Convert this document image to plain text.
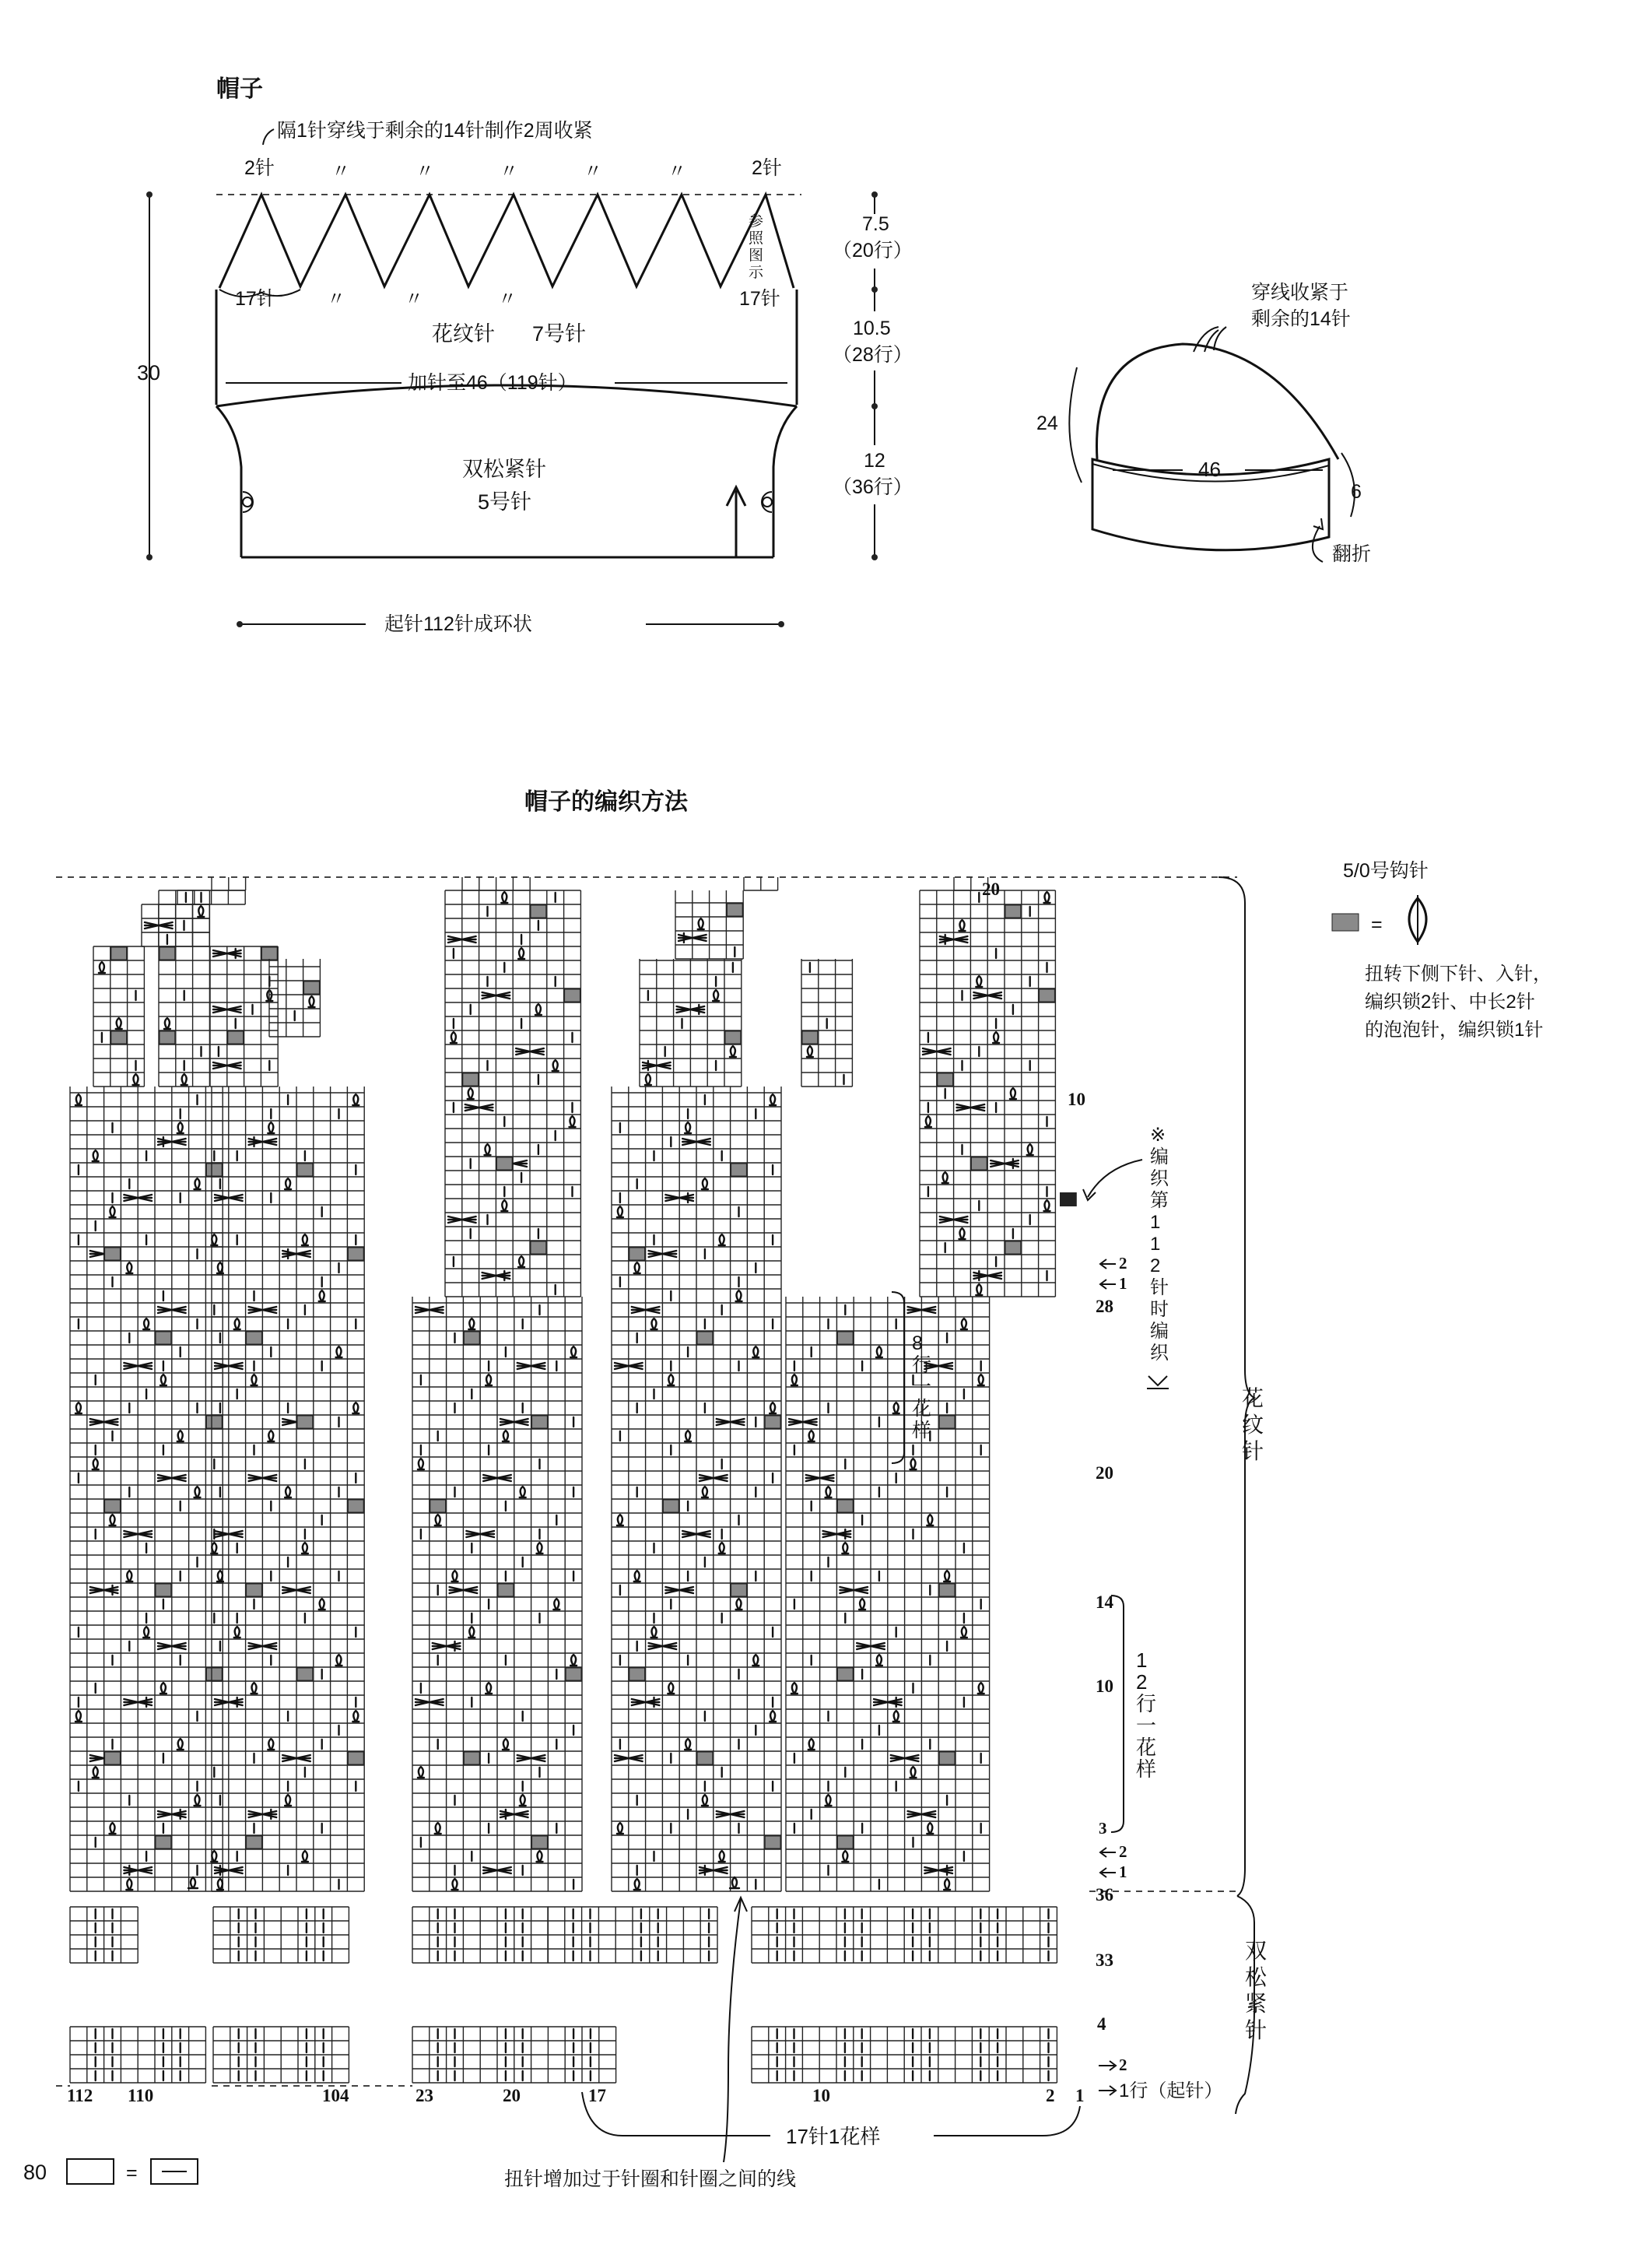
帽子
隔1针穿线于剩余的14针制作2周收紧
2针	2针
〃	〃	〃	〃	〃
〃	〃	〃
参照图示
17针	17针
花纹针 7号针
加针至46（119针）
双松紧针
5号针
30
7.5
（20行）
10.5
（28行）
12
（36行）
起针112针成环状
穿线收紧于
剩余的14针
24
46
6
翻折
帽子的编织方法
5/0号钩针
=
扭转下侧下针、入针，
编织锁2针、中长2针
的泡泡针，编织锁1针
20
10
2
1
28
20
14
10
3
2
1
36
33
4
2
1行（起针）
※编织第 1 1 2 针时编织
8 行一花样
1 2 行一花样
花纹针
双松紧针
112 110	104	23	20	17	10	2 1
17针1花样
扭针增加过于针圈和针圈之间的线
80	=
